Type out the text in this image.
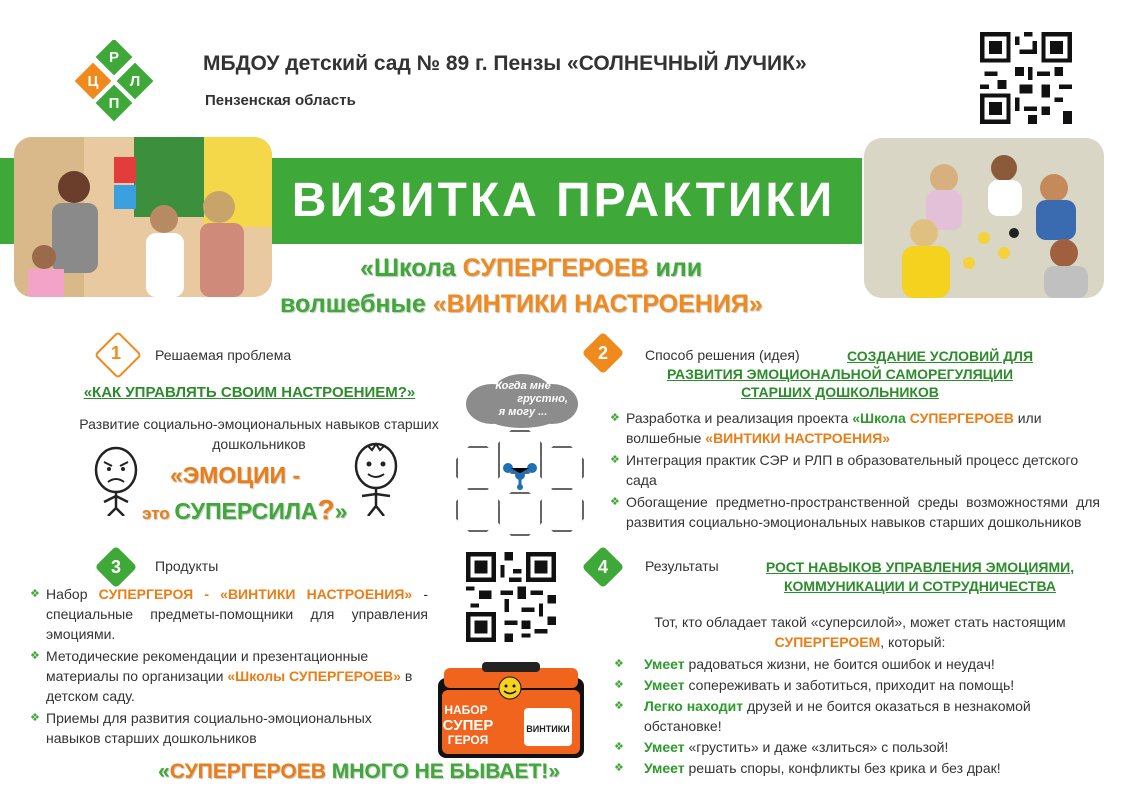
Р
Ц Л
П
МБДОУ детский сад № 89 г. Пензы «СОЛНЕЧНЫЙ ЛУЧИК»
Пензенская область
ВИЗИТКА ПРАКТИКИ
«Школа СУПЕРГЕРОЕВ или
волшебные «ВИНТИКИ НАСТРОЕНИЯ»
1	Решаемая проблема
«КАК УПРАВЛЯТЬ СВОИМ НАСТРОЕНИЕМ?»
Развитие социально-эмоциональных навыков старших дошкольников
«ЭМОЦИИ -
это СУПЕРСИЛА?»
Когда мне
грустно,
я могу ...
2	Способ решения (идея)	СОЗДАНИЕ УСЛОВИЙ ДЛЯ РАЗВИТИЯ ЭМОЦИОНАЛЬНОЙ САМОРЕГУЛЯЦИИ СТАРШИХ ДОШКОЛЬНИКОВ
❖ Разработка и реализация проекта «Школа СУПЕРГЕРОЕВ или волшебные «ВИНТИКИ НАСТРОЕНИЯ»
❖ Интеграция практик СЭР и РЛП в образовательный процесс детского сада
❖ Обогащение предметно-пространственной среды возможностями для развития социально-эмоциональных навыков старших дошкольников
3	Продукты
❖ Набор СУПЕРГЕРОЯ - «ВИНТИКИ НАСТРОЕНИЯ» - специальные предметы-помощники для управления эмоциями.
❖ Методические рекомендации и презентационные материалы по организации «Школы СУПЕРГЕРОЕВ» в детском саду.
❖ Приемы для развития социально-эмоциональных навыков старших дошкольников
НАБОР
СУПЕР
ГЕРОЯ
ВИНТИКИ
«СУПЕРГЕРОЕВ МНОГО НЕ БЫВАЕТ!»
4	Результаты	РОСТ НАВЫКОВ УПРАВЛЕНИЯ ЭМОЦИЯМИ, КОММУНИКАЦИИ И СОТРУДНИЧЕСТВА
Тот, кто обладает такой «суперсилой», может стать настоящим СУПЕРГЕРОЕМ, который:
❖ Умеет радоваться жизни, не боится ошибок и неудач!
❖ Умеет сопереживать и заботиться, приходит на помощь!
❖ Легко находит друзей и не боится оказаться в незнакомой обстановке!
❖ Умеет «грустить» и даже «злиться» с пользой!
❖ Умеет решать споры, конфликты без крика и без драк!
